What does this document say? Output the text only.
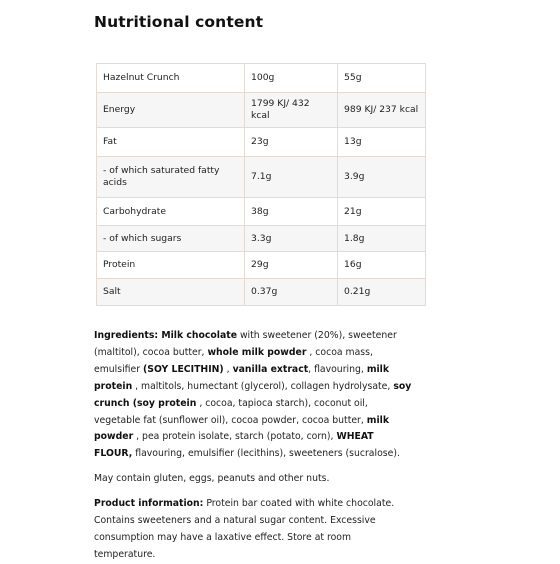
Nutritional content
Hazelnut Crunch	100g	55g
Energy	1799 KJ/ 432 kcal	989 KJ/ 237 kcal
Fat	23g	13g
- of which saturated fatty acids	7.1g	3.9g
Carbohydrate	38g	21g
- of which sugars	3.3g	1.8g
Protein	29g	16g
Salt	0.37g	0.21g

Ingredients: Milk chocolate with sweetener (20%), sweetener (maltitol), cocoa butter, whole milk powder , cocoa mass, emulsifier (SOY LECITHIN) , vanilla extract, flavouring, milk protein , maltitols, humectant (glycerol), collagen hydrolysate, soy crunch (soy protein , cocoa, tapioca starch), coconut oil, vegetable fat (sunflower oil), cocoa powder, cocoa butter, milk powder , pea protein isolate, starch (potato, corn), WHEAT FLOUR, flavouring, emulsifier (lecithins), sweeteners (sucralose).

May contain gluten, eggs, peanuts and other nuts.

Product information: Protein bar coated with white chocolate. Contains sweeteners and a natural sugar content. Excessive consumption may have a laxative effect. Store at room temperature.
